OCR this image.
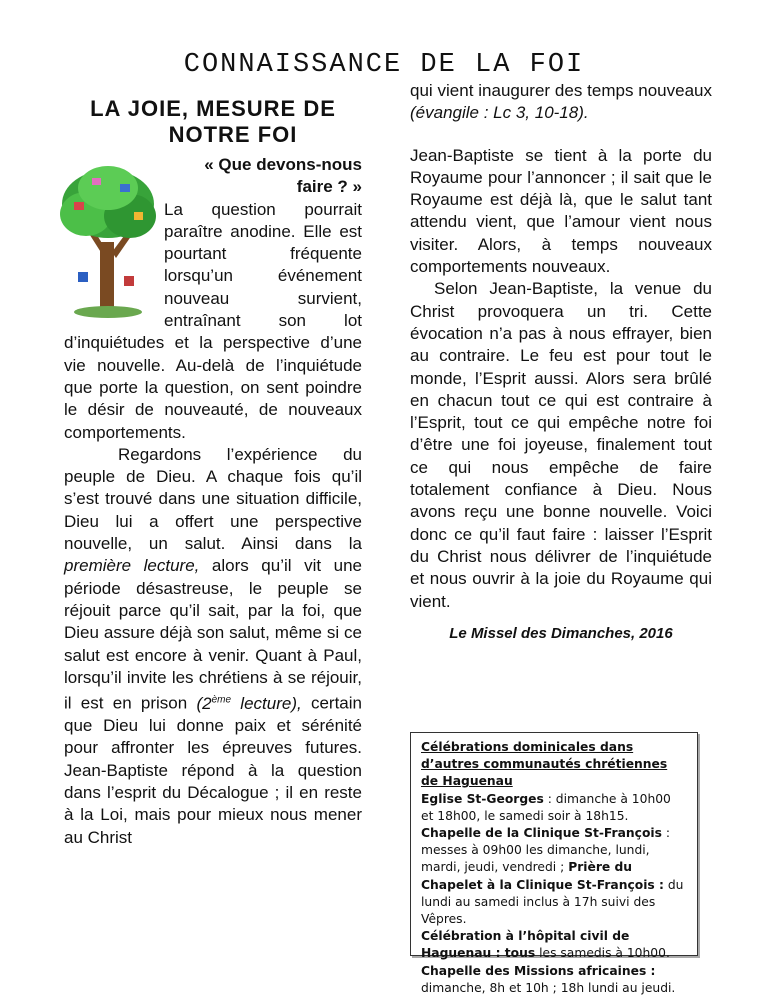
CONNAISSANCE DE LA FOI
LA JOIE, MESURE DE
NOTRE FOI

« Que devons-nous faire ? »

La question pourrait paraître anodine. Elle est pourtant fréquente lorsqu’un événement nouveau survient, entraînant son lot d’inquiétudes et la perspective d’une vie nouvelle. Au-delà de l’inquiétude que porte la question, on sent poindre le désir de nouveauté, de nouveaux comportements.

Regardons l’expérience du peuple de Dieu. A chaque fois qu’il s’est trouvé dans une situation difficile, Dieu lui a offert une perspective nouvelle, un salut. Ainsi dans la première lecture, alors qu’il vit une période désastreuse, le peuple se réjouit parce qu’il sait, par la foi, que Dieu assure déjà son salut, même si ce salut est encore à venir. Quant à Paul, lorsqu’il invite les chrétiens à se réjouir, il est en prison (2ème lecture), certain que Dieu lui donne paix et sérénité pour affronter les épreuves futures. Jean-Baptiste répond à la question dans l’esprit du Décalogue ; il en reste à la Loi, mais pour mieux nous mener au Christ

qui vient inaugurer des temps nouveaux (évangile : Lc 3, 10-18).

Jean-Baptiste se tient à la porte du Royaume pour l’annoncer ; il sait que le Royaume est déjà là, que le salut tant attendu vient, que l’amour vient nous visiter. Alors, à temps nouveaux comportements nouveaux.

Selon Jean-Baptiste, la venue du Christ provoquera un tri. Cette évocation n’a pas à nous effrayer, bien au contraire. Le feu est pour tout le monde, l’Esprit aussi. Alors sera brûlé en chacun tout ce qui est contraire à l’Esprit, tout ce qui empêche notre foi d’être une foi joyeuse, finalement tout ce qui nous empêche de faire totalement confiance à Dieu. Nous avons reçu une bonne nouvelle. Voici donc ce qu’il faut faire : laisser l’Esprit du Christ nous délivrer de l’inquiétude et nous ouvrir à la joie du Royaume qui vient.

Le Missel des Dimanches, 2016
Célébrations dominicales dans d’autres communautés chrétiennes de Haguenau
Eglise St-Georges : dimanche à 10h00 et 18h00, le samedi soir à 18h15.
Chapelle de la Clinique St-François : messes à 09h00 les dimanche, lundi, mardi, jeudi, vendredi ; Prière du Chapelet à la Clinique St-François : du lundi au samedi inclus à 17h suivi des Vêpres.
Célébration à l’hôpital civil de Haguenau : tous les samedis à 10h00.
Chapelle des Missions africaines : dimanche, 8h et 10h ; 18h lundi au jeudi.
